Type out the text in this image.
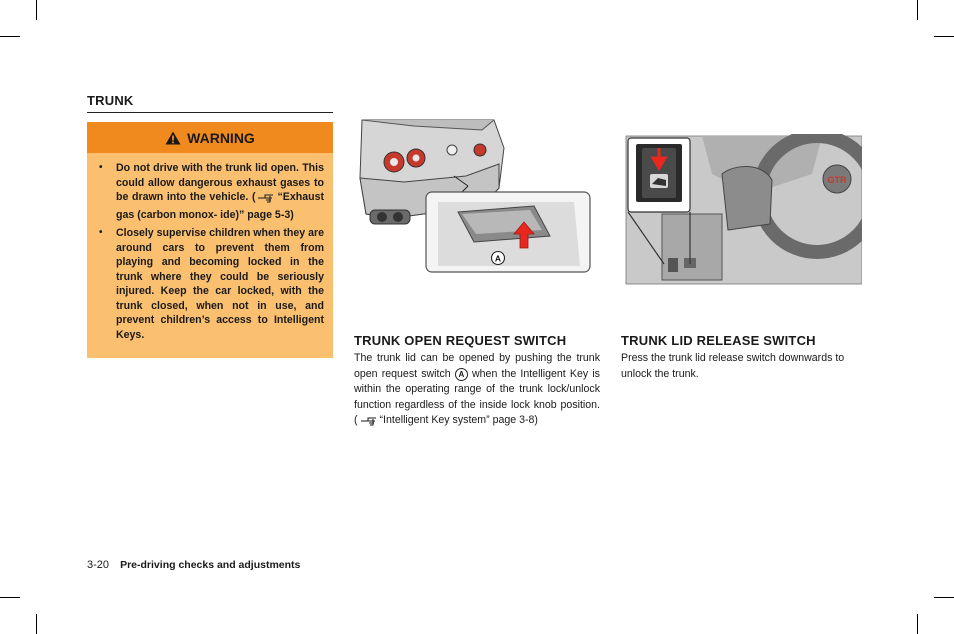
TRUNK
WARNING
• Do not drive with the trunk lid open. This could allow dangerous exhaust gases to be drawn into the vehicle. ( “Exhaust gas (carbon monox- ide)” page 5-3)
• Closely supervise children when they are around cars to prevent them from playing and becoming locked in the trunk where they could be seriously injured. Keep the car locked, with the trunk closed, when not in use, and prevent children’s access to Intelligent Keys.
A
GTR
TRUNK OPEN REQUEST SWITCH
The trunk lid can be opened by pushing the trunk open request switch A when the Intelligent Key is within the operating range of the trunk lock/unlock function regardless of the inside lock knob position. ( “Intelligent Key system” page 3-8)
TRUNK LID RELEASE SWITCH
Press the trunk lid release switch downwards to unlock the trunk.
3-20 Pre-driving checks and adjustments
